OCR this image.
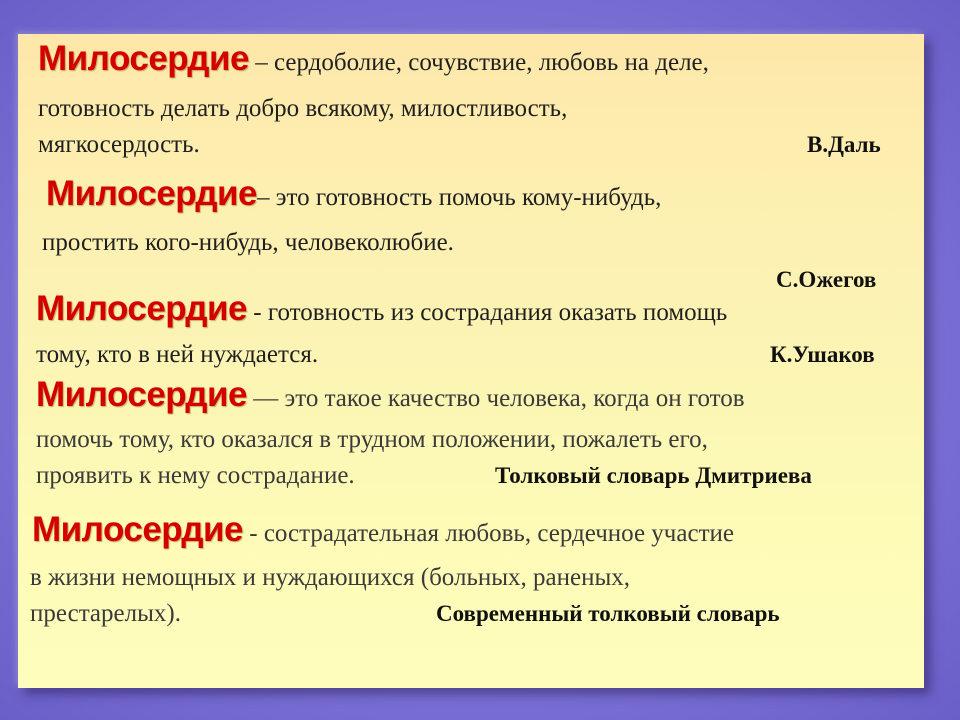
Милосердие – сердоболие, сочувствие, любовь на деле,
готовность делать добро всякому, милостливость,
мягкосердость.	В.Даль
Милосердие– это готовность помочь кому-нибудь,
простить кого-нибудь, человеколюбие.
С.Ожегов
Милосердие - готовность из сострадания оказать помощь
тому, кто в ней нуждается.	К.Ушаков
Милосердие — это такое качество человека, когда он готов
помочь тому, кто оказался в трудном положении, пожалеть его,
проявить к нему сострадание.	Толковый словарь Дмитриева
Милосердие - сострадательная любовь, сердечное участие
в жизни немощных и нуждающихся (больных, раненых,
престарелых).	Современный толковый словарь
